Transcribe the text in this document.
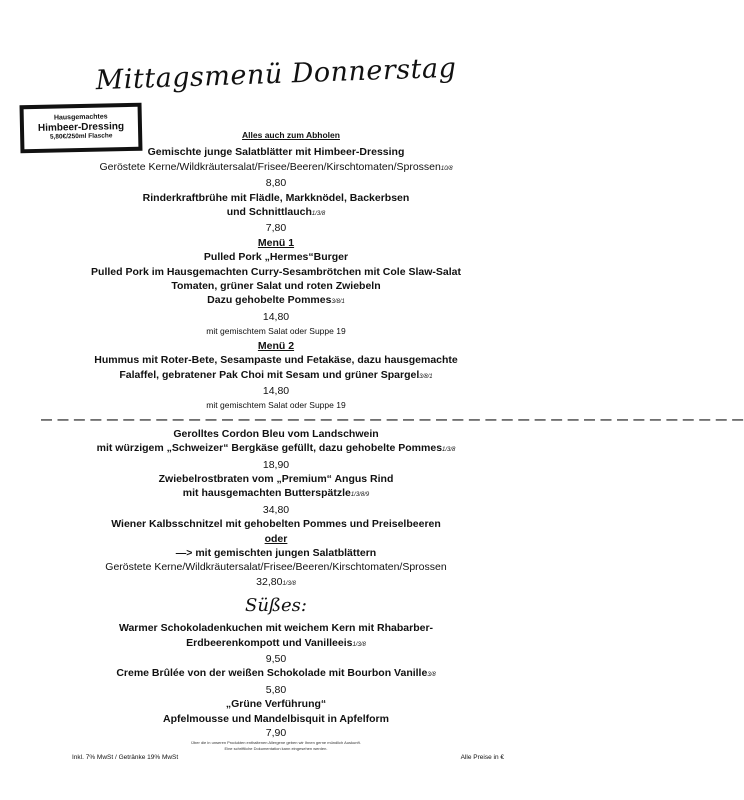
Mittagsmenü Donnerstag
Hausgemachtes
Himbeer-Dressing
5,80€/250ml Flasche	Alles auch zum Abholen
Gemischte junge Salatblätter mit Himbeer-Dressing
Geröstete Kerne/Wildkräutersalat/Frisee/Beeren/Kirschtomaten/Sprossen10/8
8,80
Rinderkraftbrühe mit Flädle, Markknödel, Backerbsen
und Schnittlauch1/3/8
7,80
Menü 1
Pulled Pork „Hermes“Burger
Pulled Pork im Hausgemachten Curry-Sesambrötchen mit Cole Slaw-Salat
Tomaten, grüner Salat und roten Zwiebeln
Dazu gehobelte Pommes3/8/1
14,80
mit gemischtem Salat oder Suppe 19
Menü 2
Hummus mit Roter-Bete, Sesampaste und Fetakäse, dazu hausgemachte
Falaffel, gebratener Pak Choi mit Sesam und grüner Spargel3/8/1
14,80
mit gemischtem Salat oder Suppe 19
— — — — — — — — — — — — — — — — — — — — — — — — — — — — — — — — — — — — — — — — — — —
Gerolltes Cordon Bleu vom Landschwein
mit würzigem „Schweizer“ Bergkäse gefüllt, dazu gehobelte Pommes1/3/8
18,90
Zwiebelrostbraten vom „Premium“ Angus Rind
mit hausgemachten Butterspätzle1/3/8/9
34,80
Wiener Kalbsschnitzel mit gehobelten Pommes und Preiselbeeren
oder
—> mit gemischten jungen Salatblättern
Geröstete Kerne/Wildkräutersalat/Frisee/Beeren/Kirschtomaten/Sprossen
32,801/3/8
Süßes:
Warmer Schokoladenkuchen mit weichem Kern mit Rhabarber-
Erdbeerenkompott und Vanilleeis1/3/8
9,50
Creme Brûlée von der weißen Schokolade mit Bourbon Vanille3/8
5,80
„Grüne Verführung“
Apfelmousse und Mandelbisquit in Apfelform
7,90
Über die in unseren Produkten enthaltenen Allergene geben wir Ihnen gerne mündlich Auskunft.
Eine schriftliche Dokumentation kann eingesehen werden.
Inkl. 7% MwSt / Getränke 19% MwSt	Alle Preise in €
